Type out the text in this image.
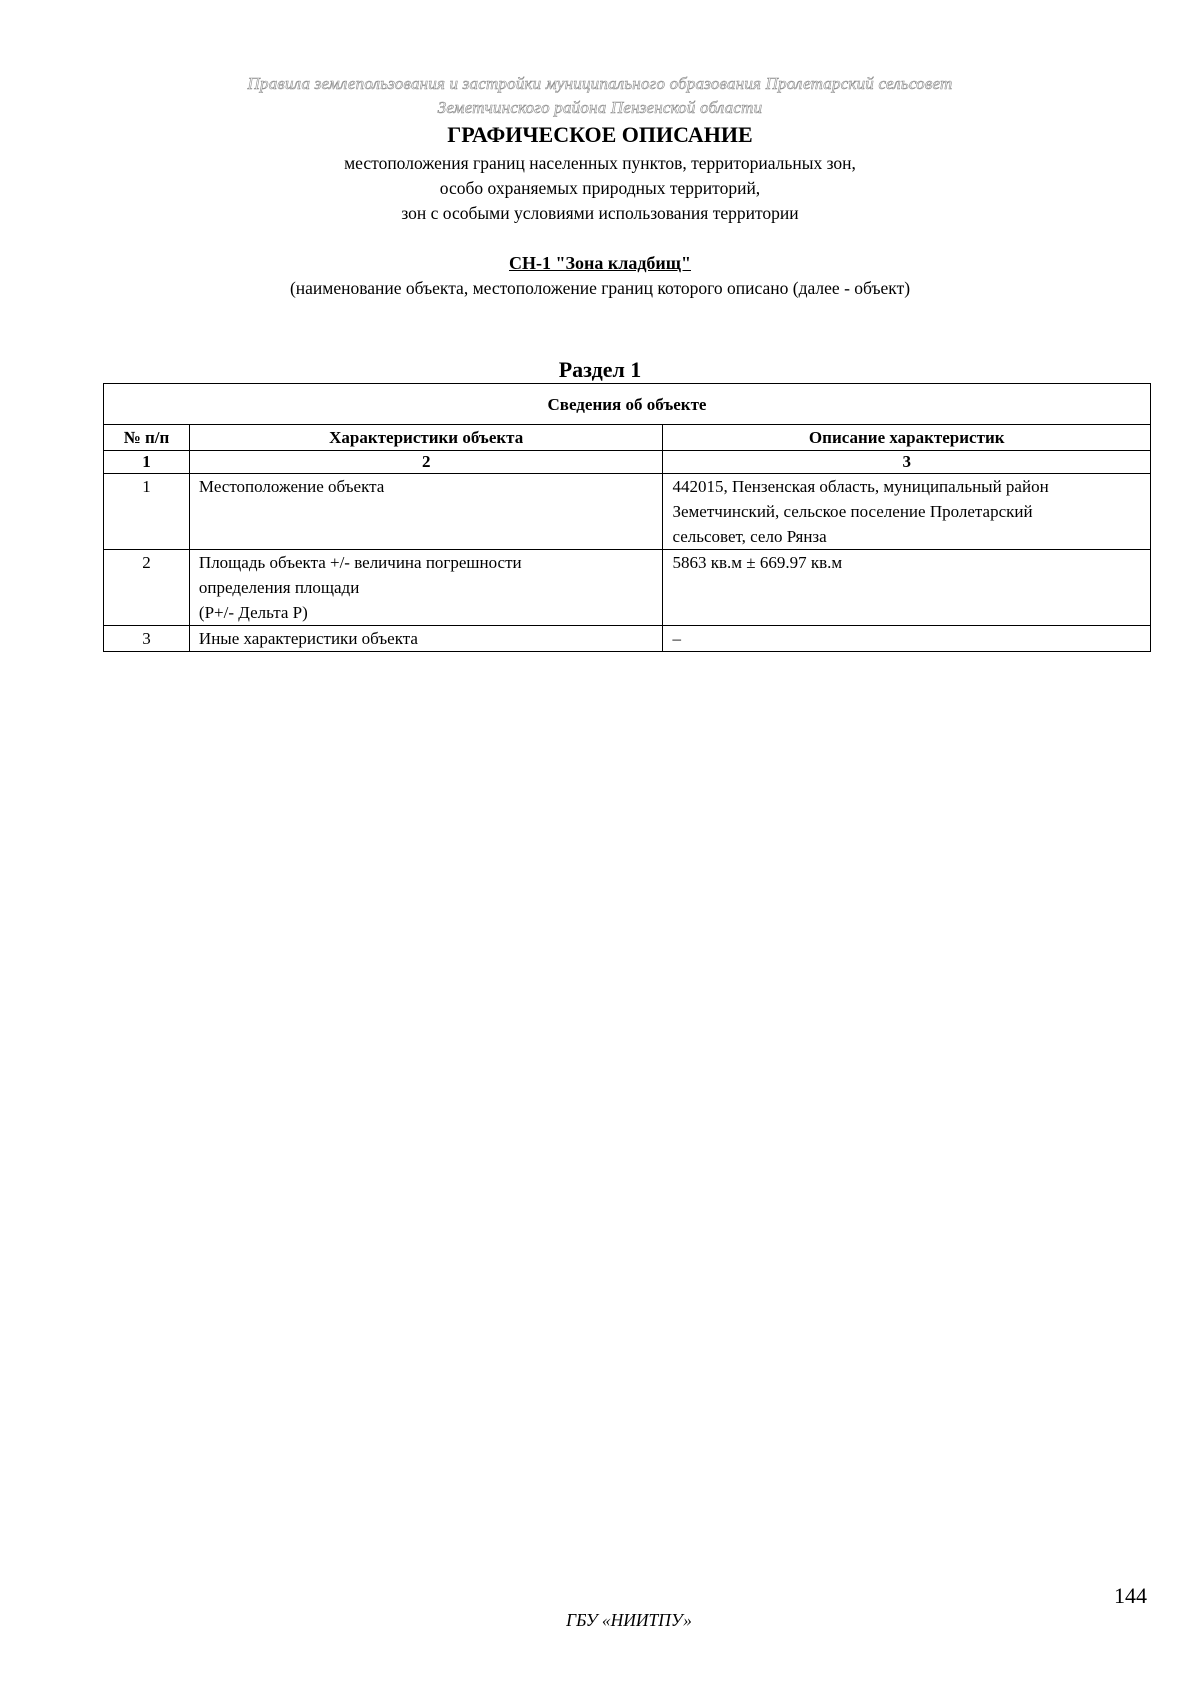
Правила землепользования и застройки муниципального образования Пролетарский сельсовет
Земетчинского района Пензенской области
ГРАФИЧЕСКОЕ ОПИСАНИЕ
местоположения границ населенных пунктов, территориальных зон,
особо охраняемых природных территорий,
зон с особыми условиями использования территории
СН-1 "Зона кладбищ"
(наименование объекта, местоположение границ которого описано (далее - объект)
Раздел 1
Сведения об объекте		
№ п/п	Характеристики объекта	Описание характеристик
1	2	3
1	Местоположение объекта	442015, Пензенская область, муниципальный район
Земетчинский, сельское поселение Пролетарский
сельсовет, село Рянза

2	Площадь объекта +/- величина погрешности
определения площади
(Р+/- Дельта Р)	5863 кв.м ± 669.97 кв.м

3	Иные характеристики объекта	–
144
ГБУ «НИИТПУ»
